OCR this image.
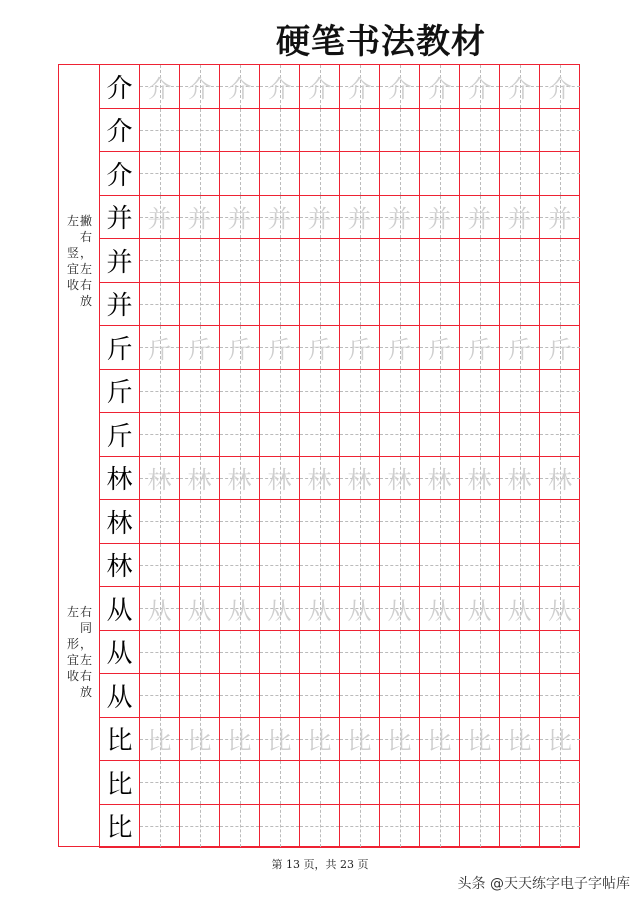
硬笔书法教材
左 撇
右
竖 ，
宜 左
收 右
放
介 介 介 介 介 介 介 介 介 介 介 介
介
介
并 并 并 并 并 并 并 并 并 并 并 并
并
并
斤 斤 斤 斤 斤 斤 斤 斤 斤 斤 斤 斤
斤
斤
左 右
同
形 ，
宜 左
收 右
放
林 林 林 林 林 林 林 林 林 林 林 林
林
林
从 从 从 从 从 从 从 从 从 从 从 从
从
从
比 比 比 比 比 比 比 比 比 比 比 比
比
比
第 13 页，共 23 页
头条 @天天练字电子字帖库
